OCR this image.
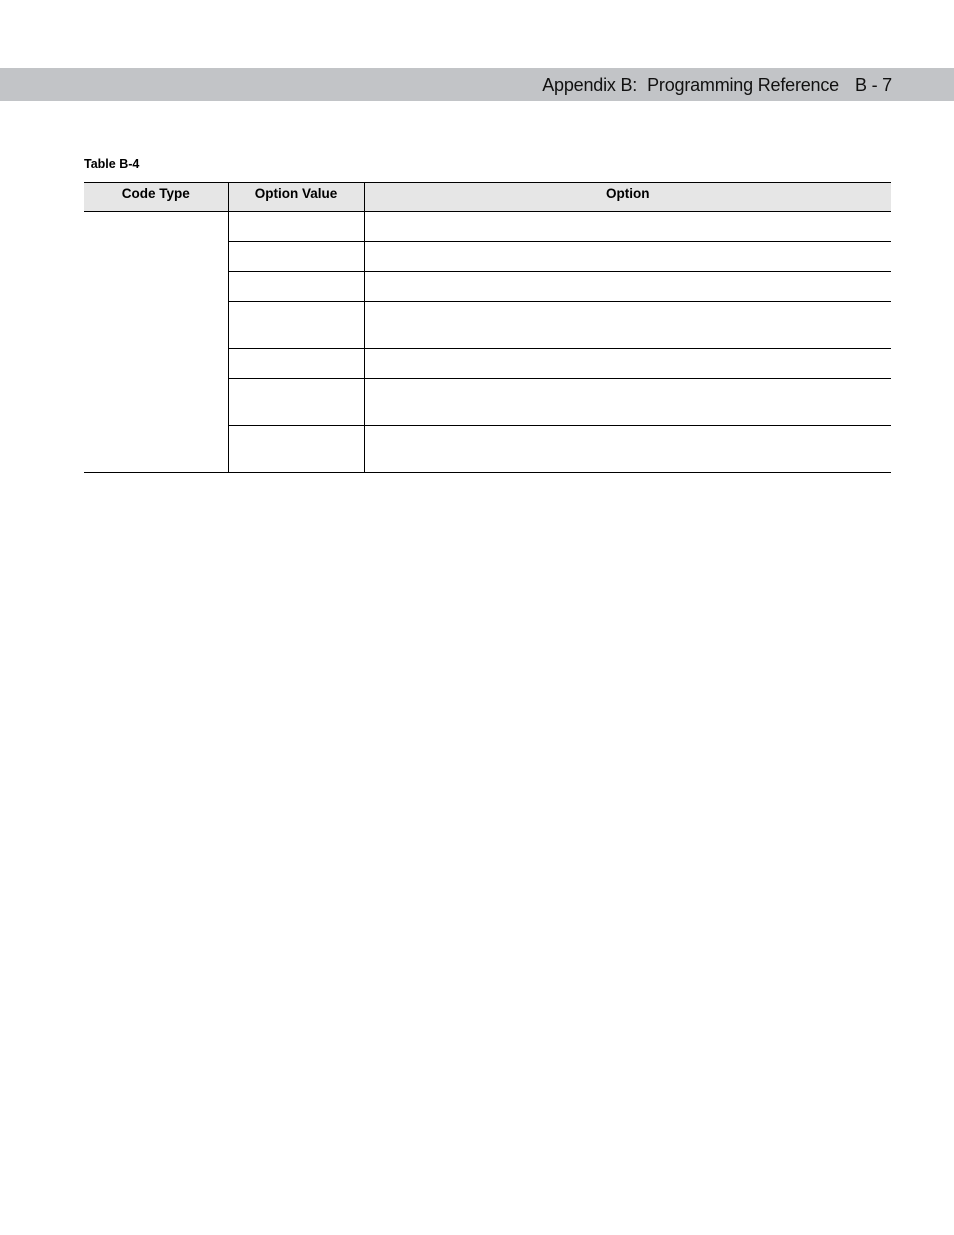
Appendix B: Programming Reference B - 7
Table B-4
Code Type	Option Value	Option
